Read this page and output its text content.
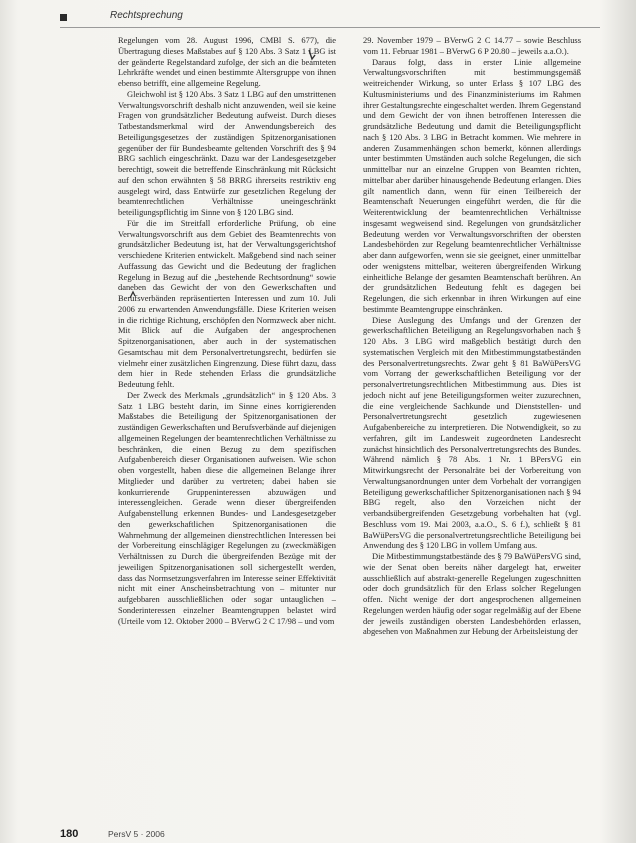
Rechtsprechung

Regelungen vom 28. August 1996, CMBl S. 677), die Übertragung dieses Maßstabes auf § 120 Abs. 3 Satz 1 LBG ist der geänderte Regelstandard zufolge, der sich an die beamteten Lehrkräfte wendet und einen bestimmte Altersgruppe von ihnen ebenso betrifft, eine allgemeine Regelung.

Gleichwohl ist § 120 Abs. 3 Satz 1 LBG auf den umstrittenen Verwaltungsvorschrift deshalb nicht anzuwenden, weil sie keine Fragen von grundsätzlicher Bedeutung aufweist. Durch dieses Tatbestandsmerkmal wird der Anwendungsbereich des Beteiligungsgesetzes der zuständigen Spitzenorganisationen gegenüber der für Bundesbeamte geltenden Vorschrift des § 94 BRG sachlich eingeschränkt. Dazu war der Landesgesetzgeber berechtigt, soweit die betreffende Einschränkung mit Rücksicht auf den schon erwähnten § 58 BRRG ihrerseits restriktiv eng ausgelegt wird, dass Entwürfe zur gesetzlichen Regelung der beamtenrechtlichen Verhältnisse uneingeschränkt beteiligungspflichtig im Sinne von § 120 LBG sind.

Für die im Streitfall erforderliche Prüfung, ob eine Verwaltungsvorschrift aus dem Gebiet des Beamtenrechts von grundsätzlicher Bedeutung ist, hat der Verwaltungsgerichtshof verschiedene Kriterien entwickelt. Maßgebend sind nach seiner Auffassung das Gewicht und die Bedeutung der fraglichen Regelung in Bezug auf die „bestehende Rechtsordnung“ sowie daneben das Gewicht der von den Gewerkschaften und Berufsverbänden repräsentierten Interessen und zum 10. Juli 2006 zu erwartenden Anwendungsfälle. Diese Kriterien weisen in die richtige Richtung, erschöpfen den Normzweck aber nicht. Mit Blick auf die Aufgaben der angesprochenen Spitzenorganisationen, aber auch in der systematischen Gesamtschau mit dem Personalvertretungsrecht, bedürfen sie vielmehr einer zusätzlichen Eingrenzung. Diese führt dazu, dass dem hier in Rede stehenden Erlass die grundsätzliche Bedeutung fehlt.

Der Zweck des Merkmals „grundsätzlich“ in § 120 Abs. 3 Satz 1 LBG besteht darin, im Sinne eines korrigierenden Maßstabes die Beteiligung der Spitzenorganisationen der zuständigen Gewerkschaften und Berufsverbände auf diejenigen allgemeinen Regelungen der beamtenrechtlichen Verhältnisse zu beschränken, die einen Bezug zu dem spezifischen Aufgabenbereich dieser Organisationen aufweisen. Wie schon oben vorgestellt, haben diese die allgemeinen Belange ihrer Mitglieder und darüber zu vertreten; dabei haben sie konkurrierende Gruppeninteressen abzuwägen und interessengleichen. Gerade wenn dieser übergreifenden Aufgabenstellung erkennen Bundes- und Landesgesetzgeber den gewerkschaftlichen Spitzenorganisationen die Wahrnehmung der allgemeinen dienstrechtlichen Interessen bei der Vorbereitung einschlägiger Regelungen zu (zweckmäßigen Verhältnissen zu Durch die übergreifenden Bezüge mit der jeweiligen Spitzenorganisationen soll sichergestellt werden, dass das Normsetzungsverfahren im Interesse seiner Effektivität nicht mit einer Anscheinsbetrachtung von – mitunter nur aufgebbaren ausschließlichen oder sogar untauglichen – Sonderinteressen einzelner Beamtengruppen belastet wird (Urteile vom 12. Oktober 2000 – BVerwG 2 C 17/98 – und vom

29. November 1979 – BVerwG 2 C 14.77 – sowie Beschluss vom 11. Februar 1981 – BVerwG 6 P 20.80 – jeweils a.a.O.).

Daraus folgt, dass in erster Linie allgemeine Verwaltungsvorschriften mit bestimmungsgemäß weitreichender Wirkung, so unter Erlass § 107 LBG des Kultusministeriums und des Finanzministeriums im Rahmen ihrer Gestaltungsrechte eingeschaltet werden. Ihrem Gegenstand und dem Gewicht der von ihnen betroffenen Interessen die grundsätzliche Bedeutung und damit die Beteiligungspflicht nach § 120 Abs. 3 LBG in Betracht kommen. Wie mehrere in anderen Zusammenhängen schon bemerkt, können allerdings unter bestimmten Umständen auch solche Regelungen, die sich unmittelbar nur an einzelne Gruppen von Beamten richten, mittelbar aber darüber hinausgehende Bedeutung erlangen. Dies gilt namentlich dann, wenn für einen Teilbereich der Beamtenschaft Neuerungen eingeführt werden, die für die Weiterentwicklung der beamtenrechtlichen Verhältnisse insgesamt wegweisend sind. Regelungen von grundsätzlicher Bedeutung werden vor Verwaltungsvorschriften der obersten Landesbehörden zur Regelung beamtenrechtlicher Verhältnisse aber dann aufgeworfen, wenn sie sie geeignet, einer unmittelbar oder wenigstens mittelbar, weiteren übergreifenden Wirkung einheitliche Belange der gesamten Beamtenschaft berühren. An der grundsätzlichen Bedeutung fehlt es dagegen bei Regelungen, die sich erkennbar in ihren Wirkungen auf eine bestimmte Beamtengruppe einschränken.

Diese Auslegung des Umfangs und der Grenzen der gewerkschaftlichen Beteiligung an Regelungsvorhaben nach § 120 Abs. 3 LBG wird maßgeblich bestätigt durch den systematischen Vergleich mit den Mitbestimmungstatbeständen des Personalvertretungsrechts. Zwar geht § 81 BaWüPersVG vom Vorrang der gewerkschaftlichen Beteiligung vor der personalvertretungsrechtlichen Mitbestimmung aus. Dies ist jedoch nicht auf jene Beteiligungsformen weiter zuzurechnen, die eine vergleichende Sachkunde und Dienststellen- und Personalvertretungsrecht gesetzlich zugewiesenen Aufgabenbereiche zu interpretieren. Die Notwendigkeit, so zu verfahren, gilt im Landesweit zugeordneten Landesrecht zunächst hinsichtlich des Personalvertretungsrechts des Bundes. Während nämlich § 78 Abs. 1 Nr. 1 BPersVG ein Mitwirkungsrecht der Personalräte bei der Vorbereitung von Verwaltungsanordnungen unter dem Vorbehalt der vorrangigen Beteiligung gewerkschaftlicher Spitzenorganisationen nach § 94 BBG regelt, also den Vorzeichen nicht der verbandsübergreifenden Gesetzgebung vorbehalten hat (vgl. Beschluss vom 19. Mai 2003, a.a.O., S. 6 f.), schließt § 81 BaWüPersVG die personalvertretungsrechtliche Beteiligung bei Anwendung des § 120 LBG in vollem Umfang aus.

Die Mitbestimmungstatbestände des § 79 BaWüPersVG sind, wie der Senat oben bereits näher dargelegt hat, erweiter ausschließlich auf abstrakt-generelle Regelungen zugeschnitten oder doch grundsätzlich für den Erlass solcher Regelungen offen. Nicht wenige der dort angesprochenen allgemeinen Regelungen werden häufig oder sogar regelmäßig auf der Ebene der jeweils zuständigen obersten Landesbehörden erlassen, abgesehen von Maßnahmen zur Hebung der Arbeitsleistung der

180	PersV 5 · 2006
